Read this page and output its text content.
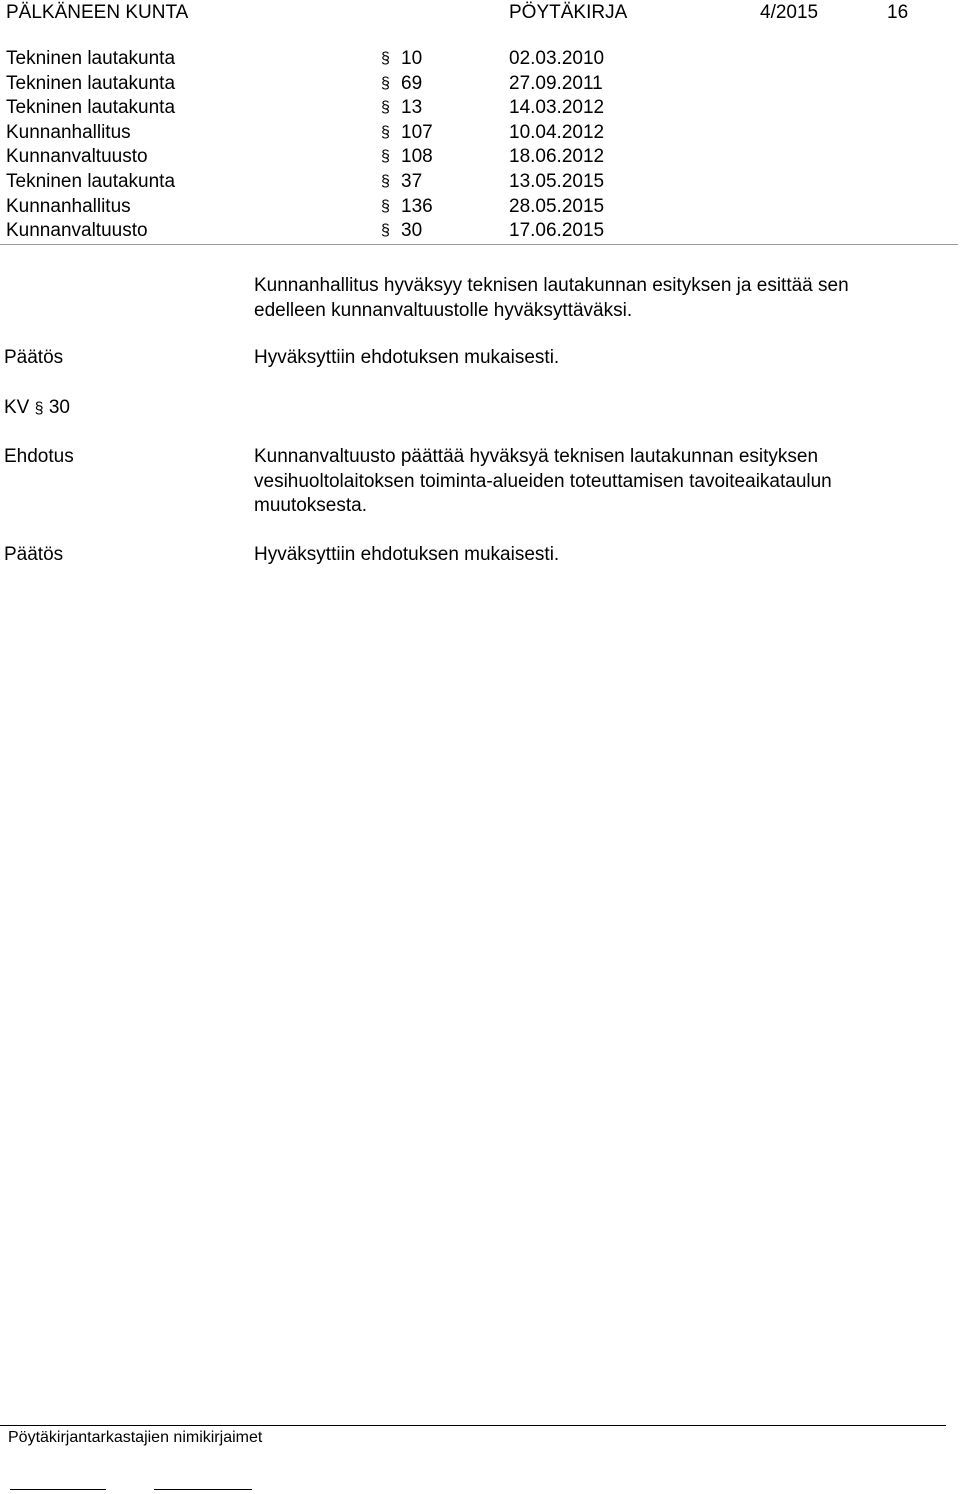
PÄLKÄNEEN KUNTA	PÖYTÄKIRJA	4/2015	16
Tekninen lautakunta	§ 10	02.03.2010
Tekninen lautakunta	§ 69	27.09.2011
Tekninen lautakunta	§ 13	14.03.2012
Kunnanhallitus	§ 107	10.04.2012
Kunnanvaltuusto	§ 108	18.06.2012
Tekninen lautakunta	§ 37	13.05.2015
Kunnanhallitus	§ 136	28.05.2015
Kunnanvaltuusto	§ 30	17.06.2015
Kunnanhallitus hyväksyy teknisen lautakunnan esityksen ja esittää sen
edelleen kunnanvaltuustolle hyväksyttäväksi.
Päätös	Hyväksyttiin ehdotuksen mukaisesti.
KV § 30
Ehdotus	Kunnanvaltuusto päättää hyväksyä teknisen lautakunnan esityksen
vesihuoltolaitoksen toiminta-alueiden toteuttamisen tavoiteaikataulun
muutoksesta.
Päätös	Hyväksyttiin ehdotuksen mukaisesti.
Pöytäkirjantarkastajien nimikirjaimet
